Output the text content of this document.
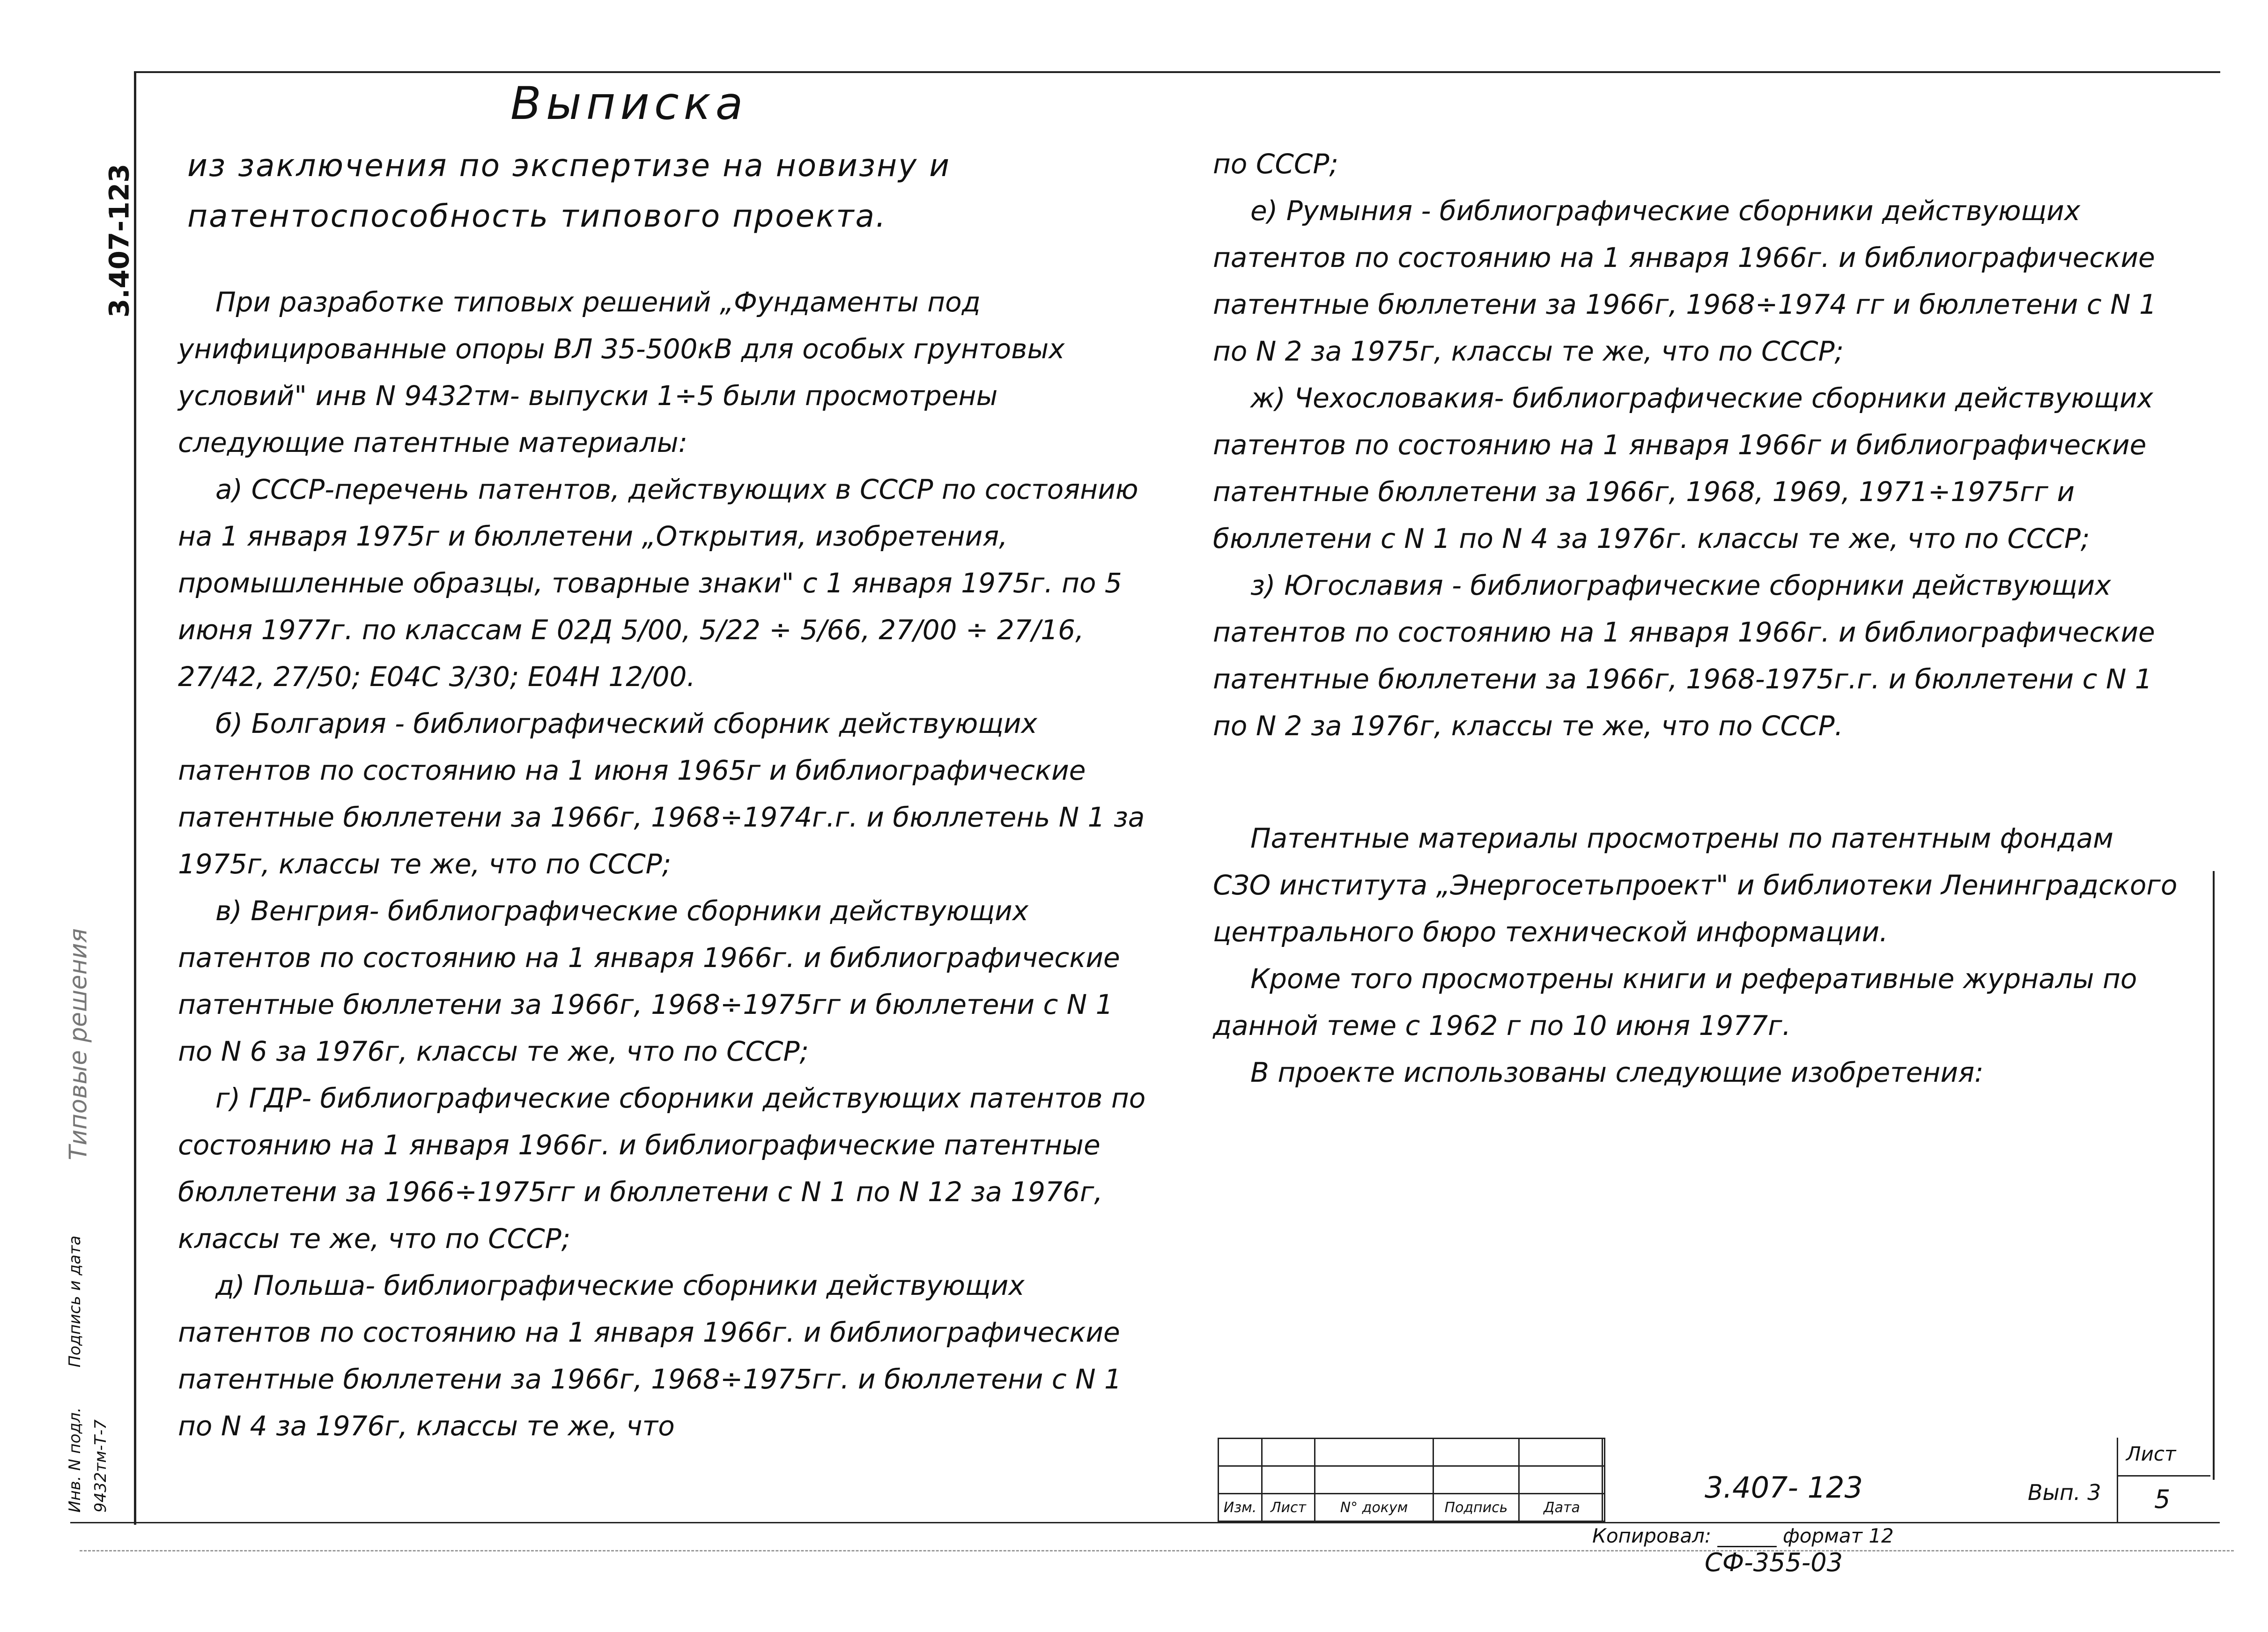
3.407-123
Типовые решения
Инв. N подл. 9432тм-Т-7
Подпись и дата
Выписка
из заключения по экспертизе на новизну и
патентоспособность типового проекта.

При разработке типовых решений „Фундаменты под унифицированные опоры ВЛ 35-500кВ для особых грунтовых условий" инв N 9432тм- выпуски 1÷5 были просмотрены следующие патентные материалы:

а) СССР-перечень патентов, действующих в СССР по состоянию на 1 января 1975г и бюллетени „Открытия, изобретения, промышленные образцы, товарные знаки" с 1 января 1975г. по 5 июня 1977г. по классам Е 02Д 5/00, 5/22 ÷ 5/66, 27/00 ÷ 27/16, 27/42, 27/50; Е04С 3/30; Е04Н 12/00.

б) Болгария - библиографический сборник действующих патентов по состоянию на 1 июня 1965г и библиографические патентные бюллетени за 1966г, 1968÷1974г.г. и бюллетень N 1 за 1975г, классы те же, что по СССР;

в) Венгрия- библиографические сборники действующих патентов по состоянию на 1 января 1966г. и библиографические патентные бюллетени за 1966г, 1968÷1975гг и бюллетени с N 1 по N 6 за 1976г, классы те же, что по СССР;

г) ГДР- библиографические сборники действующих патентов по состоянию на 1 января 1966г. и библиографические патентные бюллетени за 1966÷1975гг и бюллетени с N 1 по N 12 за 1976г, классы те же, что по СССР;

д) Польша- библиографические сборники действующих патентов по состоянию на 1 января 1966г. и библиографические патентные бюллетени за 1966г, 1968÷1975гг. и бюллетени с N 1 по N 4 за 1976г, классы те же, что

по СССР;

е) Румыния - библиографические сборники действующих патентов по состоянию на 1 января 1966г. и библиографические патентные бюллетени за 1966г, 1968÷1974 гг и бюллетени с N 1 по N 2 за 1975г, классы те же, что по СССР;

ж) Чехословакия- библиографические сборники действующих патентов по состоянию на 1 января 1966г и библиографические патентные бюллетени за 1966г, 1968, 1969, 1971÷1975гг и бюллетени с N 1 по N 4 за 1976г. классы те же, что по СССР;

з) Югославия - библиографические сборники действующих патентов по состоянию на 1 января 1966г. и библиографические патентные бюллетени за 1966г, 1968-1975г.г. и бюллетени с N 1 по N 2 за 1976г, классы те же, что по СССР.

Патентные материалы просмотрены по патентным фондам СЗО института „Энергосетьпроект" и библиотеки Ленинградского центрального бюро технической информации.

Кроме того просмотрены книги и реферативные журналы по данной теме с 1962 г по 10 июня 1977г.

В проекте использованы следующие изобретения:

Изм.	Лист	N° докум	Подпись	Дата
3.407- 123	Вып. 3
Лист
5
Копировал: ______ формат 12
СФ-355-03
